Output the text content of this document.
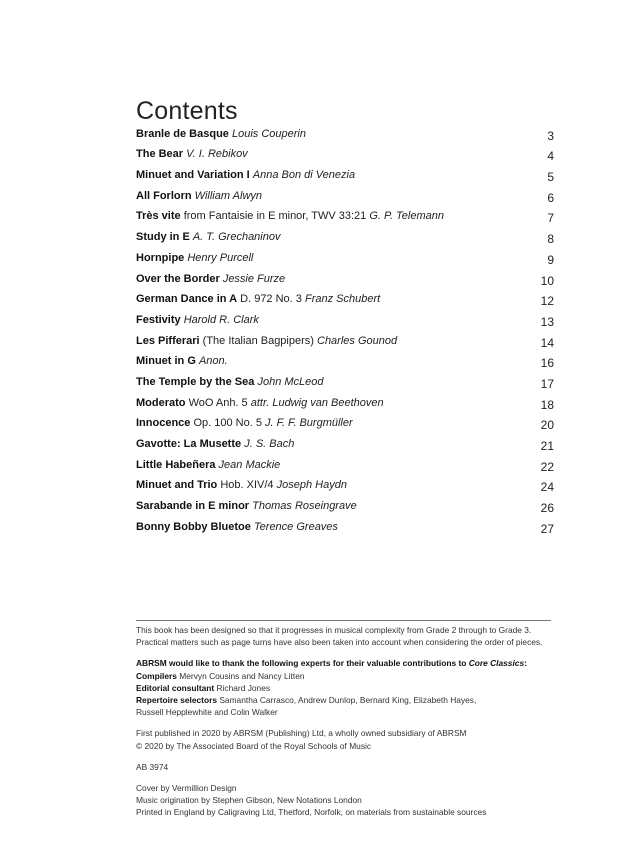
Contents
Branle de Basque Louis Couperin	3
The Bear V. I. Rebikov	4
Minuet and Variation I Anna Bon di Venezia	5
All Forlorn William Alwyn	6
Très vite from Fantaisie in E minor, TWV 33:21 G. P. Telemann	7
Study in E A. T. Grechaninov	8
Hornpipe Henry Purcell	9
Over the Border Jessie Furze	10
German Dance in A D. 972 No. 3 Franz Schubert	12
Festivity Harold R. Clark	13
Les Pifferari (The Italian Bagpipers) Charles Gounod	14
Minuet in G Anon.	16
The Temple by the Sea John McLeod	17
Moderato WoO Anh. 5 attr. Ludwig van Beethoven	18
Innocence Op. 100 No. 5 J. F. F. Burgmüller	20
Gavotte: La Musette J. S. Bach	21
Little Habeñera Jean Mackie	22
Minuet and Trio Hob. XIV/4 Joseph Haydn	24
Sarabande in E minor Thomas Roseingrave	26
Bonny Bobby Bluetoe Terence Greaves	27

This book has been designed so that it progresses in musical complexity from Grade 2 through to Grade 3.
Practical matters such as page turns have also been taken into account when considering the order of pieces.

ABRSM would like to thank the following experts for their valuable contributions to Core Classics:

Compilers Mervyn Cousins and Nancy Litten

Editorial consultant Richard Jones

Repertoire selectors Samantha Carrasco, Andrew Dunlop, Bernard King, Elizabeth Hayes,
Russell Hepplewhite and Colin Walker

First published in 2020 by ABRSM (Publishing) Ltd, a wholly owned subsidiary of ABRSM
© 2020 by The Associated Board of the Royal Schools of Music

AB 3974

Cover by Vermillion Design
Music origination by Stephen Gibson, New Notations London
Printed in England by Caligraving Ltd, Thetford, Norfolk, on materials from sustainable sources
